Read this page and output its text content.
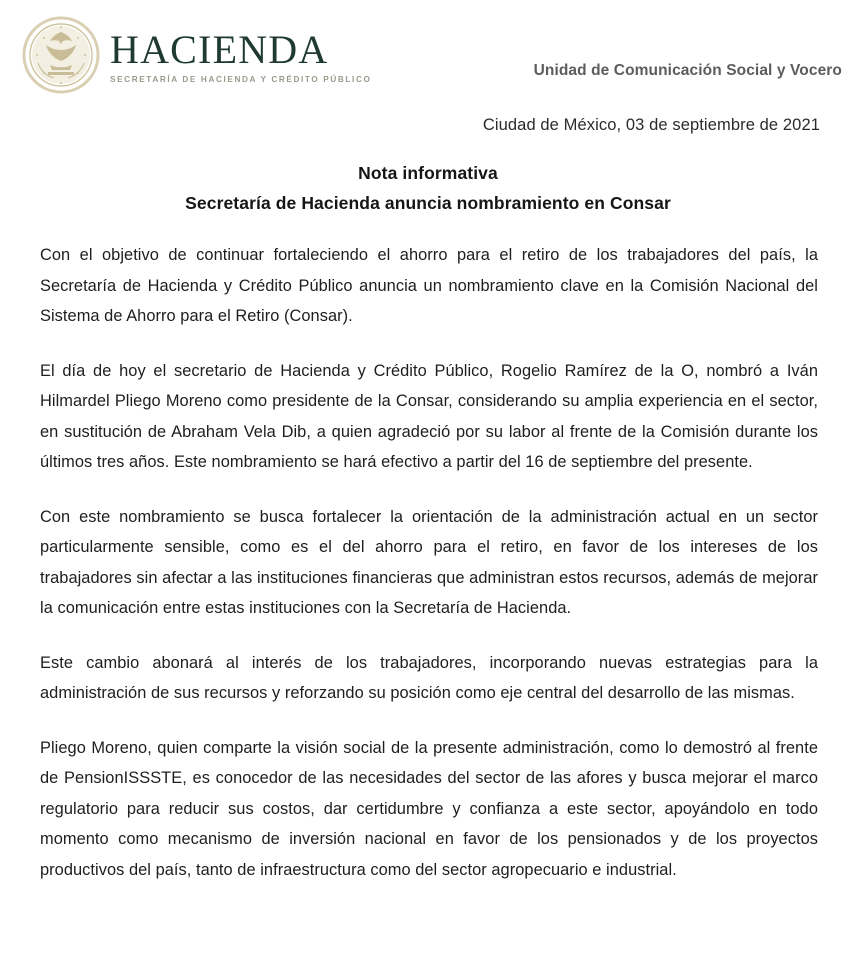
HACIENDA
SECRETARÍA DE HACIENDA Y CRÉDITO PÚBLICO	Unidad de Comunicación Social y Vocero
Ciudad de México, 03 de septiembre de 2021
Nota informativa
Secretaría de Hacienda anuncia nombramiento en Consar

Con el objetivo de continuar fortaleciendo el ahorro para el retiro de los trabajadores del país, la Secretaría de Hacienda y Crédito Público anuncia un nombramiento clave en la Comisión Nacional del Sistema de Ahorro para el Retiro (Consar).

El día de hoy el secretario de Hacienda y Crédito Público, Rogelio Ramírez de la O, nombró a Iván Hilmardel Pliego Moreno como presidente de la Consar, considerando su amplia experiencia en el sector, en sustitución de Abraham Vela Dib, a quien agradeció por su labor al frente de la Comisión durante los últimos tres años. Este nombramiento se hará efectivo a partir del 16 de septiembre del presente.

Con este nombramiento se busca fortalecer la orientación de la administración actual en un sector particularmente sensible, como es el del ahorro para el retiro, en favor de los intereses de los trabajadores sin afectar a las instituciones financieras que administran estos recursos, además de mejorar la comunicación entre estas instituciones con la Secretaría de Hacienda.

Este cambio abonará al interés de los trabajadores, incorporando nuevas estrategias para la administración de sus recursos y reforzando su posición como eje central del desarrollo de las mismas.

Pliego Moreno, quien comparte la visión social de la presente administración, como lo demostró al frente de PensionISSSTE, es conocedor de las necesidades del sector de las afores y busca mejorar el marco regulatorio para reducir sus costos, dar certidumbre y confianza a este sector, apoyándolo en todo momento como mecanismo de inversión nacional en favor de los pensionados y de los proyectos productivos del país, tanto de infraestructura como del sector agropecuario e industrial.
